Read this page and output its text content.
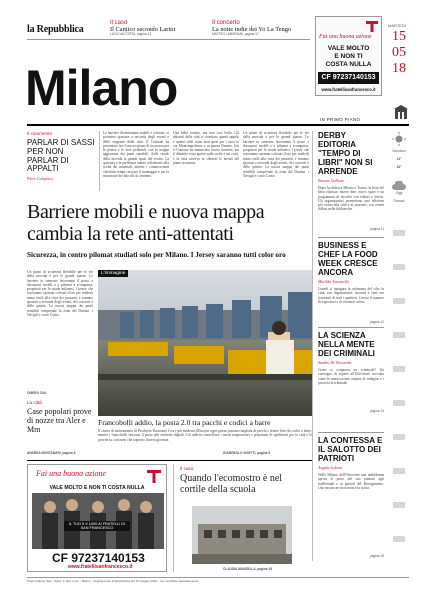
la Repubblica
Il caso
Il Cantico secondo Larini
LUCA VALTORTA, pagina 13
Il concerto
La notte indie dei Yo La Tengo
MATTEO LANDRIANI, pagina 17	Fai una buona azione
VALE MOLTO
E NON TI
COSTA NULLA
CF 97237140153
www.fratellisanfrancesco.it
MARTEDÌ
15
05
18
Milano
IN PRIMO PIANO
Il commento
PARLAR DI SASSI PER NON PARLAR DI APPALTI
Piero Colaprico
Le barriere diventeranno mobili e colorate, si potranno spostare a seconda degli eventi e delle esigenze della città. Il Comune ha presentato ieri il nuovo piano di sicurezza per le piazze e le aree pedonali, con la mappa aggiornata dei punti sensibili, dalle strade della movida ai grandi spazi del centro. La questura e la prefettura hanno collaborato alla scelta dei materiali, mentre i commercianti chiedono tempi certi per il montaggio e per la rimozione dei blocchi di cemento.
Una bella notizia, ma non così bella. Gli abitanti della città si chiedono quanti appalti e quanti soldi siano stati spesi per i sassi in via Montenapoleone e in piazza Duomo. Ieri il Comune ha annunciato nuove barriere, ma il dibattito resta aperto sulle scelte e sui costi, e la città osserva in silenzio le novità del piano sicurezza.
Un piano di sicurezza flessibile per le vie della movida e per le grandi piazze. Le barriere in cemento lasceranno il posto a dissuasori mobili e a pilomat a scomparsa, progettati per le strade milanesi. I jersey che resteranno saranno colorati d'oro per renderli meno ostili alla vista dei passanti, e saranno spostati a seconda degli eventi, dei concerti e delle partite. La nuova mappa dei punti sensibili comprende la zona del Duomo, i Navigli e corso Como.
Barriere mobili e nuova mappa cambia la rete anti-attentati
Sicurezza, in centro pilomat studiati solo per Milano. I Jersey saranno tutti color oro
Un piano di sicurezza flessibile per le vie della movida e per le grandi piazze. Le barriere in cemento lasceranno il posto a dissuasori mobili e a pilomat a scomparsa, progettati per le strade milanesi. I jersey che resteranno saranno colorati d'oro per renderli meno ostili alla vista dei passanti, e saranno spostati a seconda degli eventi, dei concerti e delle partite. La nuova mappa dei punti sensibili comprende la zona del Duomo, i Navigli e corso Como.
OMERO CIAI
L'immagine
Francobolli addio, la posta 2.0 tra pacchi e codici a barre
Il centro di smistamento di Peschiera Borromeo è tra i più moderni d'Europa: ogni giorno passano migliaia di pacchi e lettere lette da codici a barre, mentre i francobolli lasciano il posto alle etichette digitali. Gli addetti controllano i nastri trasportatori e preparano le spedizioni per la città e la provincia, con turni che coprono l'intera giornata.
La città
Case popolari prove di nozze tra Aler e Mm
ANDREA MONTANARI, pagina 6	GIAMPAOLO VISETTI, pagina 9
DERBY EDITORIA "TEMPO DI LIBRI" NON SI ARRENDE
Simone Gallone
Dopo la sfida tra Milano e Torino, la fiera del libro rilancia: nuove date, nuovi spazi e un programma di incontri con editori e lettori. Gli organizzatori promettono una edizione più vicina alla città e ai quartieri, con eventi diffusi nelle biblioteche.
pagina 11
BUSINESS E CHEF LA FOOD WEEK CRESCE ANCORA
Marilda Toscanello
Lunedì si inaugura la settimana del cibo in città, con degustazioni, incontri e cene nei ristoranti di tutti i quartieri. Cresce il numero di espositori e di visitatori attesi.
pagina 12
LA SCIENZA NELLA MENTE DEI CRIMINALI
Sandro De Riccardis
Come si comporta un criminale? Un convegno di esperti all'Università racconta come le neuroscienze aiutano le indagini e i processi in tribunale.
pagina 13
LA CONTESSA E IL SALOTTO DEI PATRIOTI
Angela Lolaria
Nella Milano dell'Ottocento una nobildonna apriva le porte del suo palazzo agli intellettuali e ai patrioti del Risorgimento. Una mostra ne ricostruisce la storia.
pagina 15
Nuvoloso
13°
24°
Oggi
Domani
Fai una buona azione
VALE MOLTO E NON TI COSTA NULLA
IL TUO 5 X 1000 AI FRATELLI DI SAN FRANCESCO
CF 97237140153
www.fratellisanfrancesco.it
Il caso
Quando l'ecomostro è nel cortile della scuola
CLAUDIA MANZELLA, pagina 16
Poste Italiane Spa - Sped. in abb. post. - Milano - Supplemento di Repubblica del 15 maggio 2018 - non vendibile separatamente
